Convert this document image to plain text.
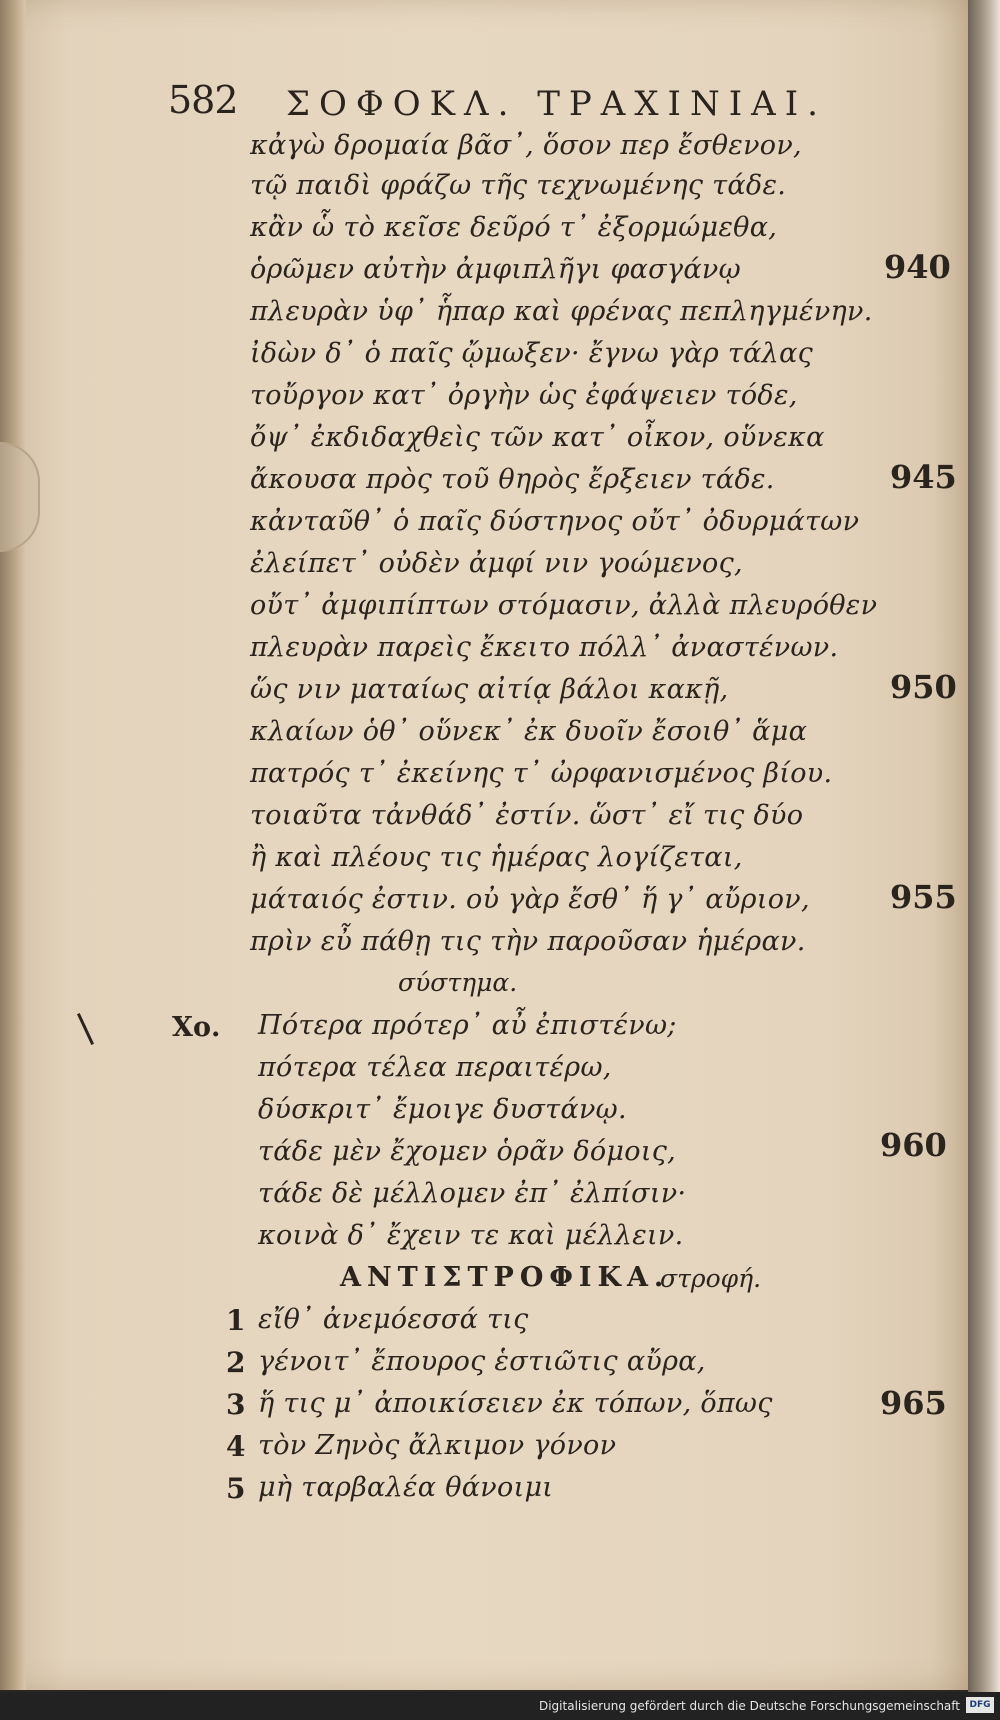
582 ΣΟΦΟΚΛ. ΤΡΑΧΙΝΙΑΙ.
κἀγὼ δρομαία βᾶσ᾽, ὅσον περ ἔσθενον,
τῷ παιδὶ φράζω τῆς τεχνωμένης τάδε.
κἂν ὧ τὸ κεῖσε δεῦρό τ᾽ ἐξορμώμεθα,
ὁρῶμεν αὐτὴν ἀμφιπλῆγι φασγάνῳ
πλευρὰν ὑφ᾽ ἧπαρ καὶ φρένας πεπληγμένην.
ἰδὼν δ᾽ ὁ παῖς ᾤμωξεν· ἔγνω γὰρ τάλας
τοὔργον κατ᾽ ὀργὴν ὡς ἐφάψειεν τόδε,
ὄψ᾽ ἐκδιδαχθεὶς τῶν κατ᾽ οἶκον, οὕνεκα
ἄκουσα πρὸς τοῦ θηρὸς ἔρξειεν τάδε.
κἀνταῦθ᾽ ὁ παῖς δύστηνος οὔτ᾽ ὀδυρμάτων
ἐλείπετ᾽ οὐδὲν ἀμφί νιν γοώμενος,
οὔτ᾽ ἀμφιπίπτων στόμασιν, ἀλλὰ πλευρόθεν
πλευρὰν παρεὶς ἔκειτο πόλλ᾽ ἀναστένων.
ὥς νιν ματαίως αἰτίᾳ βάλοι κακῇ,
κλαίων ὁθ᾽ οὕνεκ᾽ ἐκ δυοῖν ἔσοιθ᾽ ἅμα
πατρός τ᾽ ἐκείνης τ᾽ ὠρφανισμένος βίου.
τοιαῦτα τἀνθάδ᾽ ἐστίν. ὥστ᾽ εἴ τις δύο
ἢ καὶ πλέους τις ἡμέρας λογίζεται,
μάταιός ἐστιν. οὐ γὰρ ἔσθ᾽ ἥ γ᾽ αὔριον,
πρὶν εὖ πάθῃ τις τὴν παροῦσαν ἡμέραν.
940
945
950
955
960
965
σύστημα.
Χο. Πότερα πρότερ᾽ αὖ ἐπιστένω;
πότερα τέλεα περαιτέρω,
δύσκριτ᾽ ἔμοιγε δυστάνῳ.
τάδε μὲν ἔχομεν ὁρᾶν δόμοις,
τάδε δὲ μέλλομεν ἐπ᾽ ἐλπίσιν·
κοινὰ δ᾽ ἔχειν τε καὶ μέλλειν.
ΑΝΤΙΣΤΡΟΦΙΚΑ.
στροφή.
1 εἴθ᾽ ἀνεμόεσσά τις
2 γένοιτ᾽ ἔπουρος ἑστιῶτις αὔρα,
3 ἥ τις μ᾽ ἀποικίσειεν ἐκ τόπων, ὅπως
4 τὸν Ζηνὸς ἄλκιμον γόνον
5 μὴ ταρβαλέα θάνοιμι
Digitalisierung gefördert durch die Deutsche Forschungsgemeinschaft	DFG
